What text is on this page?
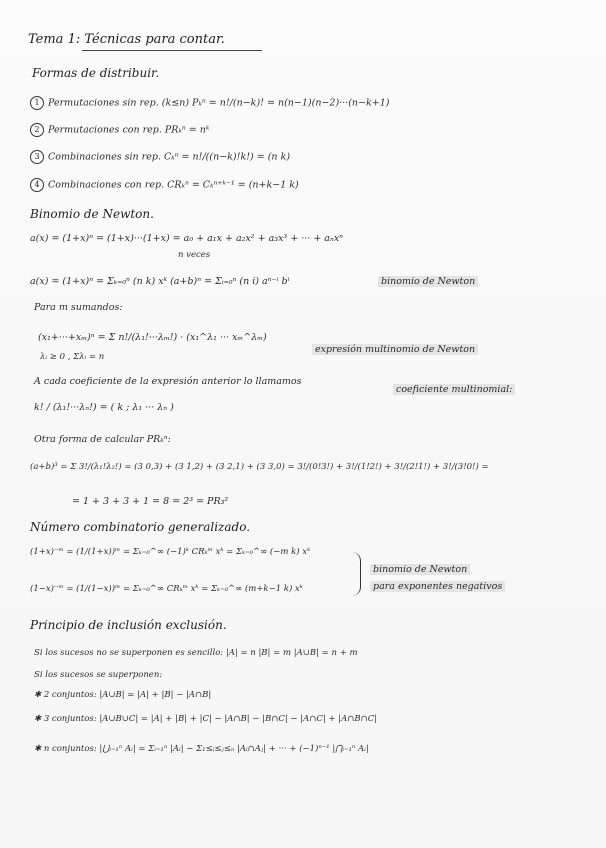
Tema 1: Técnicas para contar.
Formas de distribuir.
1 Permutaciones sin rep. (k≤n) Pₖⁿ = n!/(n−k)! = n(n−1)(n−2)···(n−k+1)
2 Permutaciones con rep. PRₖⁿ = nᵏ
3 Combinaciones sin rep. Cₖⁿ = n!/((n−k)!k!) = (n k)
4 Combinaciones con rep. CRₖⁿ = Cₖⁿ⁺ᵏ⁻¹ = (n+k−1 k)
Binomio de Newton.
a(x) = (1+x)ⁿ = (1+x)···(1+x) = a₀ + a₁x + a₂x² + a₃x³ + ··· + aₙxⁿ
n veces
a(x) = (1+x)ⁿ = Σₖ₌₀ⁿ (n k) xᵏ (a+b)ⁿ = Σᵢ₌₀ⁿ (n i) aⁿ⁻ⁱ bⁱ	binomio de Newton
Para m sumandos:
(x₁+···+xₘ)ⁿ = Σ n!/(λ₁!···λₘ!) · (x₁^λ₁ ··· xₘ^λₘ)
λᵢ ≥ 0 , Σλᵢ = n
expresión multinomio de Newton
A cada coeficiente de la expresión anterior lo llamamos
coeficiente multinomial:
k! / (λ₁!···λₙ!) = ( k ; λ₁ ··· λₙ )
Otra forma de calcular PRₖⁿ:
(a+b)³ = Σ 3!/(λ₁!λ₂!) = (3 0,3) + (3 1,2) + (3 2,1) + (3 3,0) = 3!/(0!3!) + 3!/(1!2!) + 3!/(2!1!) + 3!/(3!0!) =
= 1 + 3 + 3 + 1 = 8 = 2³ = PR₃²
Número combinatorio generalizado.
(1+x)⁻ᵐ = (1/(1+x))ᵐ = Σₖ₌₀^∞ (−1)ᵏ CRₖᵐ xᵏ = Σₖ₌₀^∞ (−m k) xᵏ
(1−x)⁻ᵐ = (1/(1−x))ᵐ = Σₖ₌₀^∞ CRₖᵐ xᵏ = Σₖ₌₀^∞ (m+k−1 k) xᵏ
binomio de Newton
para exponentes negativos
Principio de inclusión exclusión.
Si los sucesos no se superponen es sencillo: |A| = n |B| = m |A∪B| = n + m
Si los sucesos se superponen:
✱ 2 conjuntos: |A∪B| = |A| + |B| − |A∩B|
✱ 3 conjuntos: |A∪B∪C| = |A| + |B| + |C| − |A∩B| − |B∩C| − |A∩C| + |A∩B∩C|
✱ n conjuntos: |⋃ᵢ₌₁ⁿ Aᵢ| = Σᵢ₌₁ⁿ |Aᵢ| − Σ₁≤ᵢ≤ⱼ≤ₙ |Aᵢ∩Aⱼ| + ··· + (−1)ⁿ⁻¹ |⋂ᵢ₌₁ⁿ Aᵢ|
